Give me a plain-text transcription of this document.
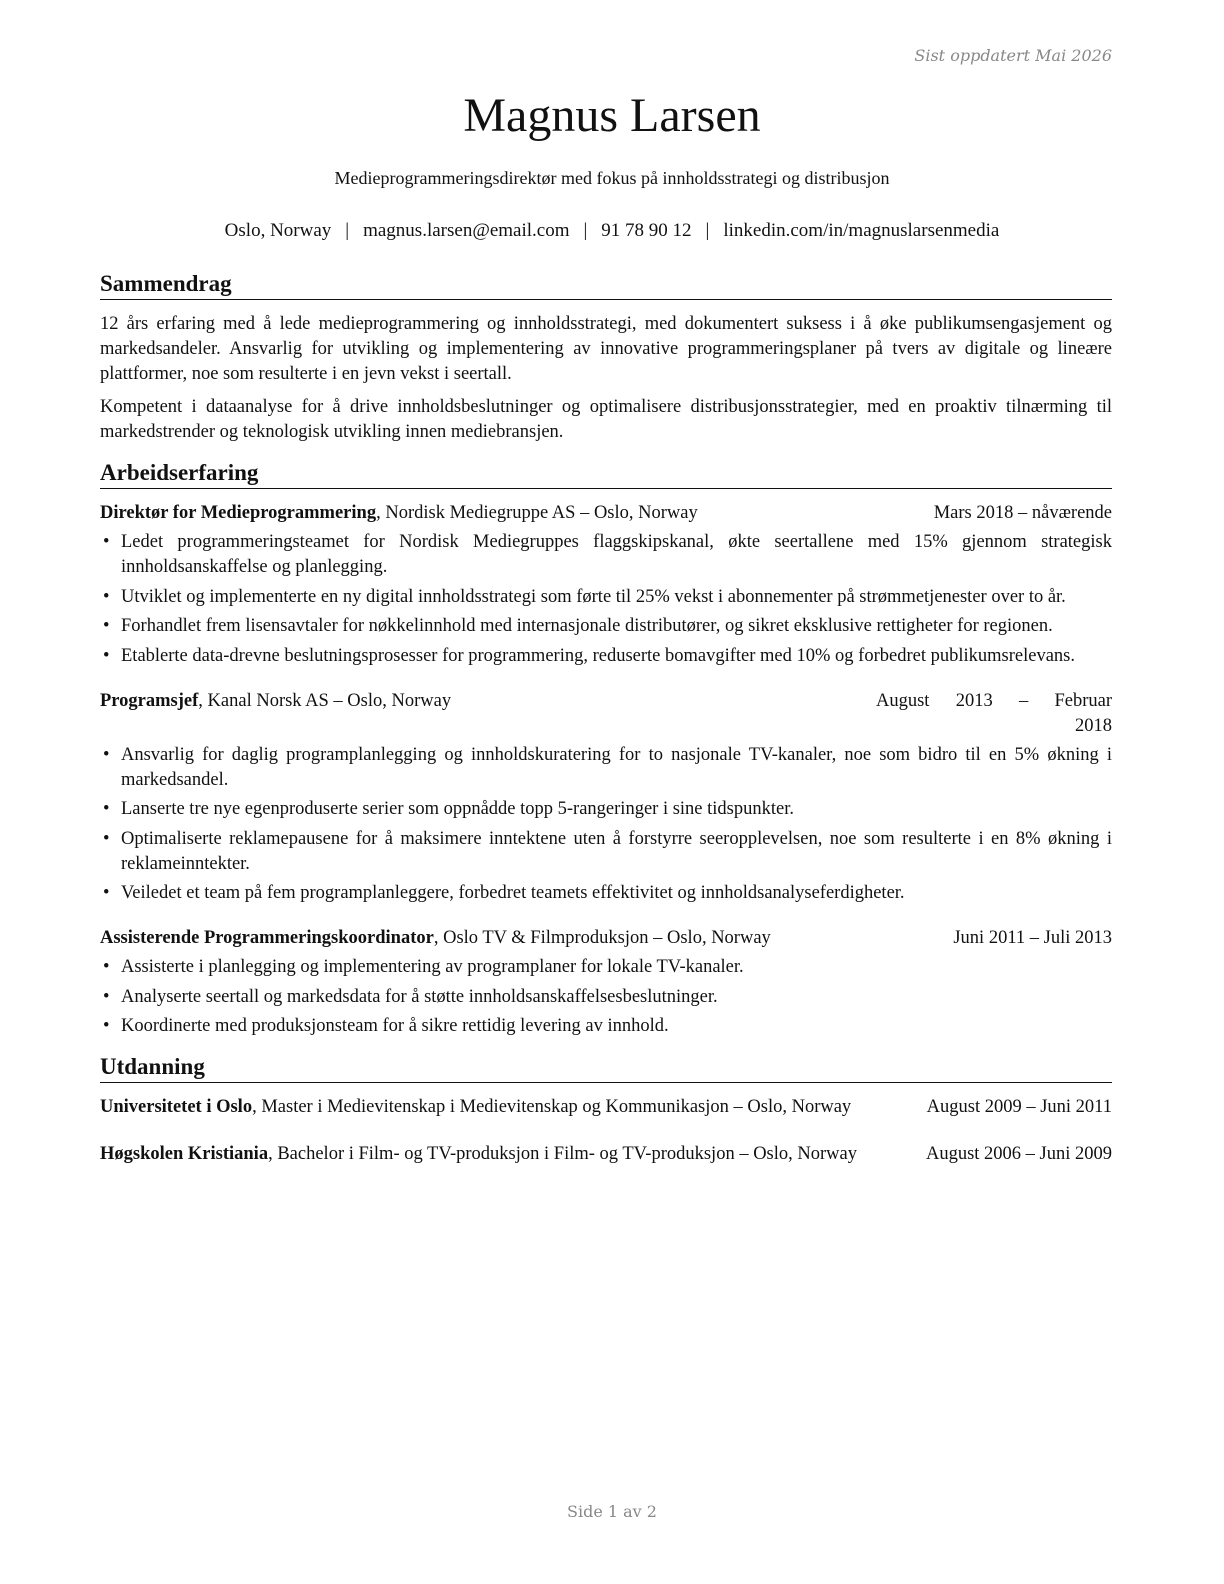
Sist oppdatert Mai 2026
Magnus Larsen
Medieprogrammeringsdirektør med fokus på innholdsstrategi og distribusjon
Oslo, Norway | magnus.larsen@email.com | 91 78 90 12 | linkedin.com/in/magnuslarsenmedia
Sammendrag

12 års erfaring med å lede medieprogrammering og innholdsstrategi, med dokumentert suksess i å øke publikumsengasjement og markedsandeler. Ansvarlig for utvikling og implementering av innovative programmeringsplaner på tvers av digitale og lineære plattformer, noe som resulterte i en jevn vekst i seertall.

Kompetent i dataanalyse for å drive innholdsbeslutninger og optimalisere distribusjonsstrategier, med en proaktiv tilnærming til markedstrender og teknologisk utvikling innen mediebransjen.

Arbeidserfaring
Direktør for Medieprogrammering, Nordisk Mediegruppe AS – Oslo, Norway	Mars 2018 – nåværende
• Ledet programmeringsteamet for Nordisk Mediegruppes flaggskipskanal, økte seertallene med 15% gjennom strategisk innholdsanskaffelse og planlegging.
• Utviklet og implementerte en ny digital innholdsstrategi som førte til 25% vekst i abonnementer på strømmetjenester over to år.
• Forhandlet frem lisensavtaler for nøkkelinnhold med internasjonale distributører, og sikret eksklusive rettigheter for regionen.
• Etablerte data-drevne beslutningsprosesser for programmering, reduserte bomavgifter med 10% og forbedret publikumsrelevans.
Programsjef, Kanal Norsk AS – Oslo, Norway	August 2013 – Februar 2018
• Ansvarlig for daglig programplanlegging og innholdskuratering for to nasjonale TV-kanaler, noe som bidro til en 5% økning i markedsandel.
• Lanserte tre nye egenproduserte serier som oppnådde topp 5-rangeringer i sine tidspunkter.
• Optimaliserte reklamepausene for å maksimere inntektene uten å forstyrre seeropplevelsen, noe som resulterte i en 8% økning i reklameinntekter.
• Veiledet et team på fem programplanleggere, forbedret teamets effektivitet og innholdsanalyseferdigheter.
Assisterende Programmeringskoordinator, Oslo TV & Filmproduksjon – Oslo, Norway	Juni 2011 – Juli 2013
• Assisterte i planlegging og implementering av programplaner for lokale TV-kanaler.
• Analyserte seertall og markedsdata for å støtte innholdsanskaffelsesbeslutninger.
• Koordinerte med produksjonsteam for å sikre rettidig levering av innhold.
Utdanning
Universitetet i Oslo, Master i Medievitenskap i Medievitenskap og Kommunikasjon – Oslo, Norway	August 2009 – Juni 2011
Høgskolen Kristiania, Bachelor i Film- og TV-produksjon i Film- og TV-produksjon – Oslo, Norway	August 2006 – Juni 2009
Side 1 av 2
